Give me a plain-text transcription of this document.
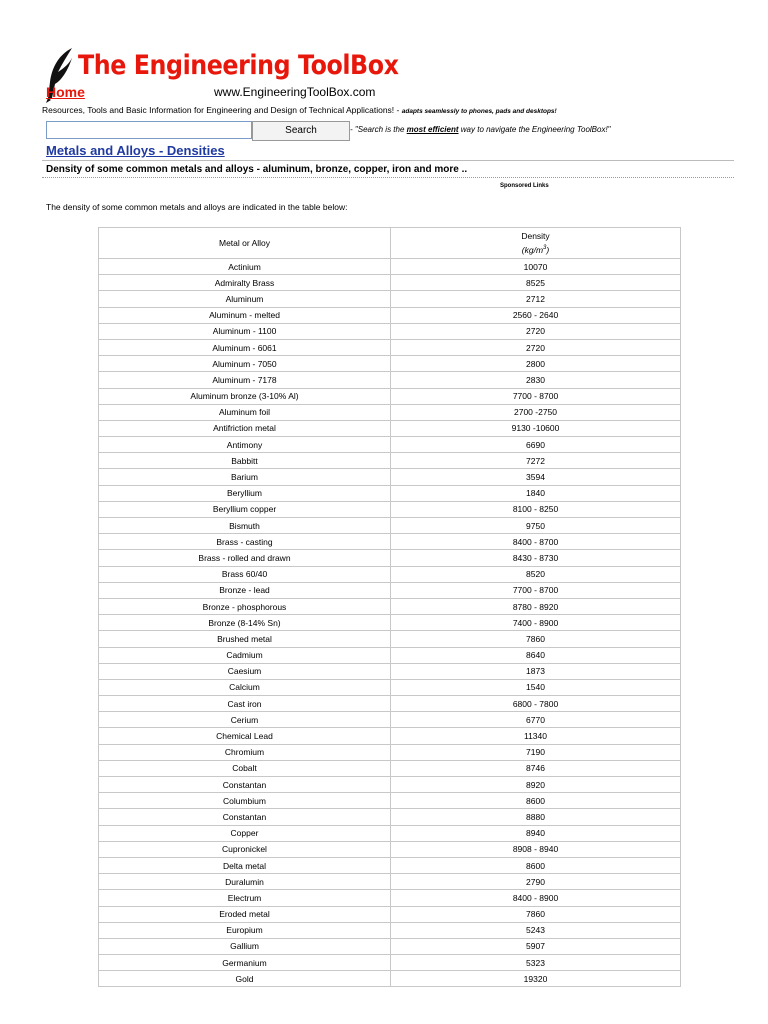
The Engineering ToolBox
Home	www.EngineeringToolBox.com
Resources, Tools and Basic Information for Engineering and Design of Technical Applications! - adapts seamlessly to phones, pads and desktops!
Search	- "Search is the most efficient way to navigate the Engineering ToolBox!"
Metals and Alloys - Densities
Density of some common metals and alloys - aluminum, bronze, copper, iron and more ..
Sponsored Links
The density of some common metals and alloys are indicated in the table below:
Metal or Alloy	Density
$(kg/m^3)$
Actinium	10070
Admiralty Brass	8525
Aluminum	2712
Aluminum - melted	2560 - 2640
Aluminum - 1100	2720
Aluminum - 6061	2720
Aluminum - 7050	2800
Aluminum - 7178	2830
Aluminum bronze (3-10% Al)	7700 - 8700
Aluminum foil	2700 -2750
Antifriction metal	9130 -10600
Antimony	6690
Babbitt	7272
Barium	3594
Beryllium	1840
Beryllium copper	8100 - 8250
Bismuth	9750
Brass - casting	8400 - 8700
Brass - rolled and drawn	8430 - 8730
Brass 60/40	8520
Bronze - lead	7700 - 8700
Bronze - phosphorous	8780 - 8920
Bronze (8-14% Sn)	7400 - 8900
Brushed metal	7860
Cadmium	8640
Caesium	1873
Calcium	1540
Cast iron	6800 - 7800
Cerium	6770
Chemical Lead	11340
Chromium	7190
Cobalt	8746
Constantan	8920
Columbium	8600
Constantan	8880
Copper	8940
Cupronickel	8908 - 8940
Delta metal	8600
Duralumin	2790
Electrum	8400 - 8900
Eroded metal	7860
Europium	5243
Gallium	5907
Germanium	5323
Gold	19320
